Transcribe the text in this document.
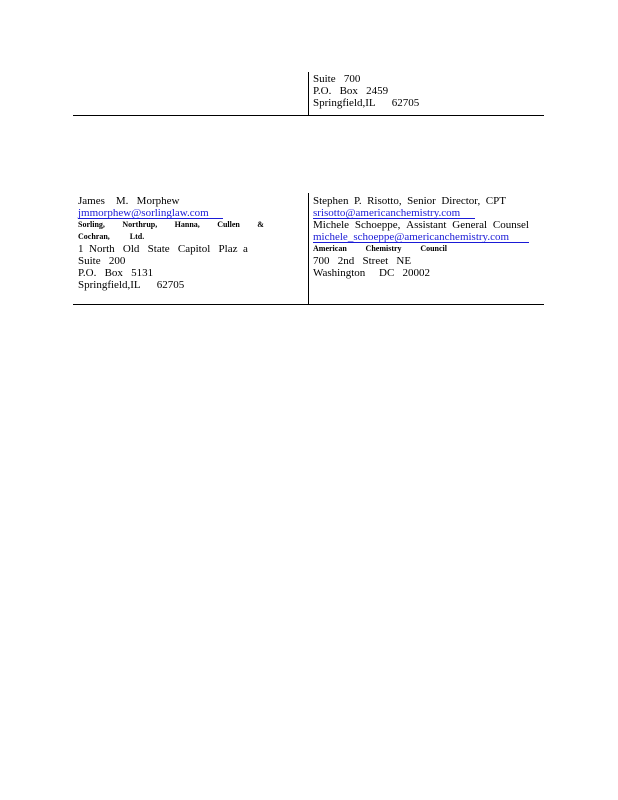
Suite   700
P.O.   Box   2459
Springfield,IL      62705
James    M.   Morphew
jmmorphew@sorlinglaw.com
Sorling, Northrup, Hanna, Cullen &
Cochran,          Ltd.
1  North   Old   State   Capitol   Plaz  a
Suite   200
P.O.   Box   5131
Springfield,IL      62705
Stephen P. Risotto, Senior Director, CPT
srisotto@americanchemistry.com
Michele Schoeppe, Assistant General Counsel
michele_schoeppe@americanchemistry.com
American Chemistry Council
700   2nd   Street   NE
Washington     DC   20002
